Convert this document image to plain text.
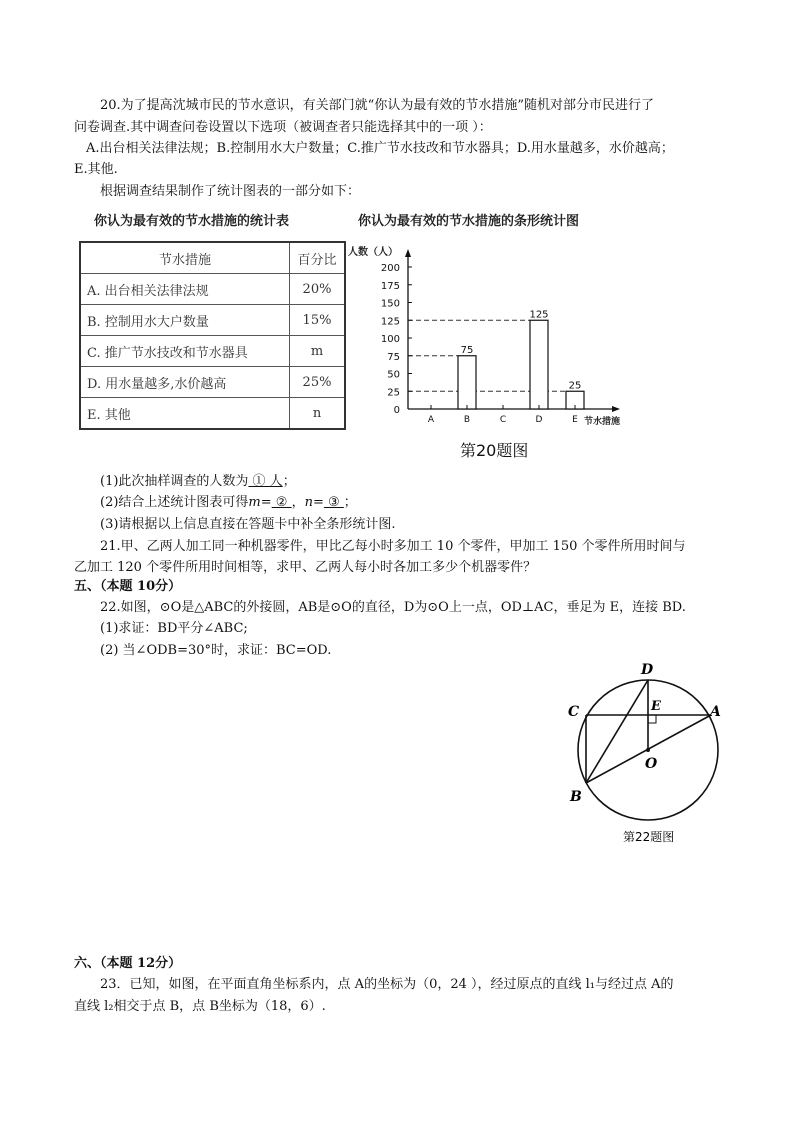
20.为了提高沈城市民的节水意识，有关部门就“你认为最有效的节水措施”随机对部分市民进行了
问卷调查.其中调查问卷设置以下选项（被调查者只能选择其中的一项 ）：
A.出台相关法律法规；B.控制用水大户数量；C.推广节水技改和节水器具；D.用水量越多，水价越高；
E.其他.
根据调查结果制作了统计图表的一部分如下：
你认为最有效的节水措施的统计表	你认为最有效的节水措施的条形统计图
节水措施	百分比
A. 出台相关法律法规	20%
B. 控制用水大户数量	15%
C. 推广节水技改和节水器具	m
D. 用水量越多,水价越高	25%
E. 其他	n
人数（人）
节水措施
75
125
25
0
25
50
75
100
125
150
175
200
A	B	C	D	E
第20题图
(1)此次抽样调查的人数为 ① 人；
(2)结合上述统计图表可得m= ② ，n= ③ ；
(3)请根据以上信息直接在答题卡中补全条形统计图.
21.甲、乙两人加工同一种机器零件，甲比乙每小时多加工 10 个零件，甲加工 150 个零件所用时间与
乙加工 120 个零件所用时间相等，求甲、乙两人每小时各加工多少个机器零件？
五、（本题 10分）
22.如图，⊙O是△ABC的外接圆，AB是⊙O的直径，D为⊙O上一点，OD⊥AC，垂足为 E，连接 BD.
(1)求证：BD平分∠ABC;
(2) 当∠ODB=30°时，求证：BC=OD.
D
C	E	A
O
B
第22题图
六、（本题 12分）
23．已知，如图，在平面直角坐标系内，点 A的坐标为（0，24 ），经过原点的直线 l₁与经过点 A的
直线 l₂相交于点 B，点 B坐标为（18，6）.
